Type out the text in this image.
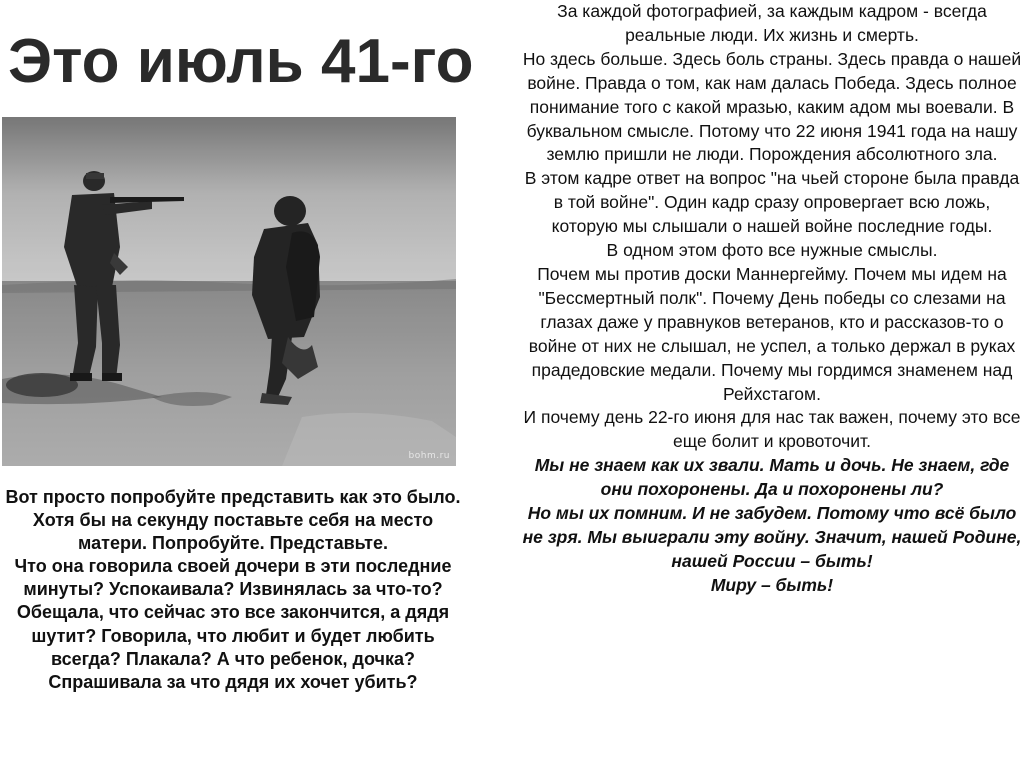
Это июль 41-го
bohm.ru

Вот просто попробуйте представить как это было.

Хотя бы на секунду поставьте себя на место матери. Попробуйте. Представьте.

Что она говорила своей дочери в эти последние минуты? Успокаивала? Извинялась за что-то? Обещала, что сейчас это все закончится, а дядя шутит? Говорила, что любит и будет любить всегда? Плакала? А что ребенок, дочка? Спрашивала за что дядя их хочет убить?

За каждой фотографией, за каждым кадром - всегда реальные люди. Их жизнь и смерть.

Но здесь больше. Здесь боль страны. Здесь правда о нашей войне. Правда о том, как нам далась Победа. Здесь полное понимание того с какой мразью, каким адом мы воевали. В буквальном смысле. Потому что 22 июня 1941 года на нашу землю пришли не люди. Порождения абсолютного зла.

В этом кадре ответ на вопрос "на чьей стороне была правда в той войне". Один кадр сразу опровергает всю ложь, которую мы слышали о нашей войне последние годы.

В одном этом фото все нужные смыслы.

Почем мы против доски Маннергейму. Почем мы идем на "Бессмертный полк". Почему День победы со слезами на глазах даже у правнуков ветеранов, кто и рассказов-то о войне от них не слышал, не успел, а только держал в руках прадедовские медали. Почему мы гордимся знаменем над Рейхстагом.

И почему день 22-го июня для нас так важен, почему это все еще болит и кровоточит.

Мы не знаем как их звали. Мать и дочь. Не знаем, где они похоронены. Да и похоронены ли?

Но мы их помним. И не забудем. Потому что всё было не зря. Мы выиграли эту войну. Значит, нашей Родине, нашей России – быть!

Миру – быть!
